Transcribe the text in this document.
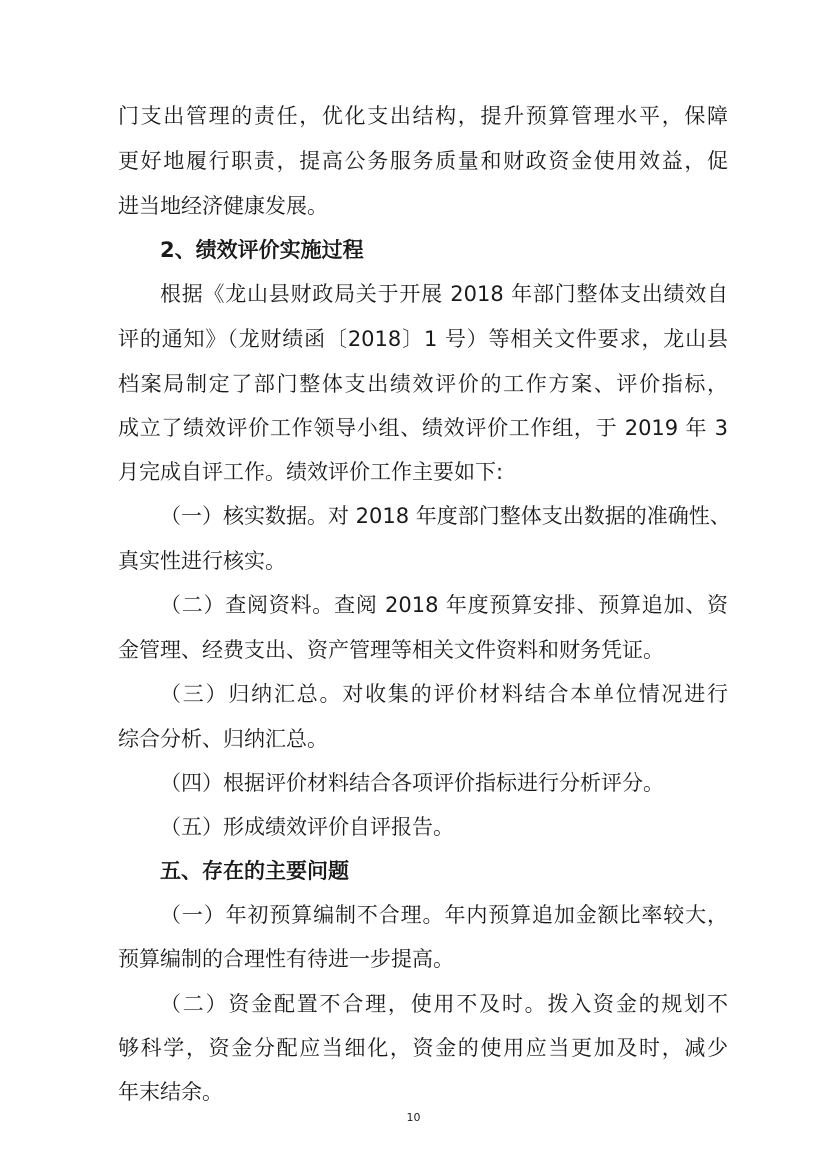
门支出管理的责任，优化支出结构，提升预算管理水平，保障
更好地履行职责，提高公务服务质量和财政资金使用效益，促
进当地经济健康发展。
2、绩效评价实施过程
根据《龙山县财政局关于开展 2018 年部门整体支出绩效自
评的通知》（龙财绩函〔2018〕1 号）等相关文件要求，龙山县
档案局制定了部门整体支出绩效评价的工作方案、评价指标，
成立了绩效评价工作领导小组、绩效评价工作组，于 2019 年 3
月完成自评工作。绩效评价工作主要如下:
（一）核实数据。对 2018 年度部门整体支出数据的准确性、
真实性进行核实。
（二）查阅资料。查阅 2018 年度预算安排、预算追加、资
金管理、经费支出、资产管理等相关文件资料和财务凭证。
（三）归纳汇总。对收集的评价材料结合本单位情况进行
综合分析、归纳汇总。
（四）根据评价材料结合各项评价指标进行分析评分。
（五）形成绩效评价自评报告。
五、存在的主要问题
（一）年初预算编制不合理。年内预算追加金额比率较大，
预算编制的合理性有待进一步提高。
（二）资金配置不合理，使用不及时。拨入资金的规划不
够科学，资金分配应当细化，资金的使用应当更加及时，减少
年末结余。
10
